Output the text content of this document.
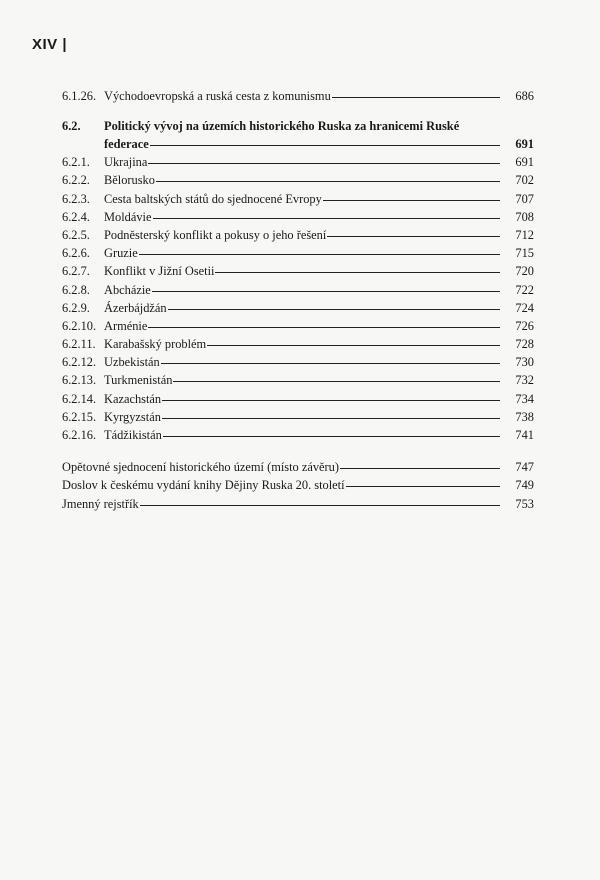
XIV |
6.1.26. Východoevropská a ruská cesta z komunismu	686
6.2. Politický vývoj na územích historického Ruska za hranicemi Ruské
federace	691
6.2.1. Ukrajina	691
6.2.2. Bělorusko	702
6.2.3. Cesta baltských států do sjednocené Evropy	707
6.2.4. Moldávie	708
6.2.5. Podněsterský konflikt a pokusy o jeho řešení	712
6.2.6. Gruzie	715
6.2.7. Konflikt v Jižní Osetii	720
6.2.8. Abcházie	722
6.2.9. Ázerbájdžán	724
6.2.10. Arménie	726
6.2.11. Karabašský problém	728
6.2.12. Uzbekistán	730
6.2.13. Turkmenistán	732
6.2.14. Kazachstán	734
6.2.15. Kyrgyzstán	738
6.2.16. Tádžikistán	741
Opětovné sjednocení historického území (místo závěru)	747
Doslov k českému vydání knihy Dějiny Ruska 20. století	749
Jmenný rejstřík	753
